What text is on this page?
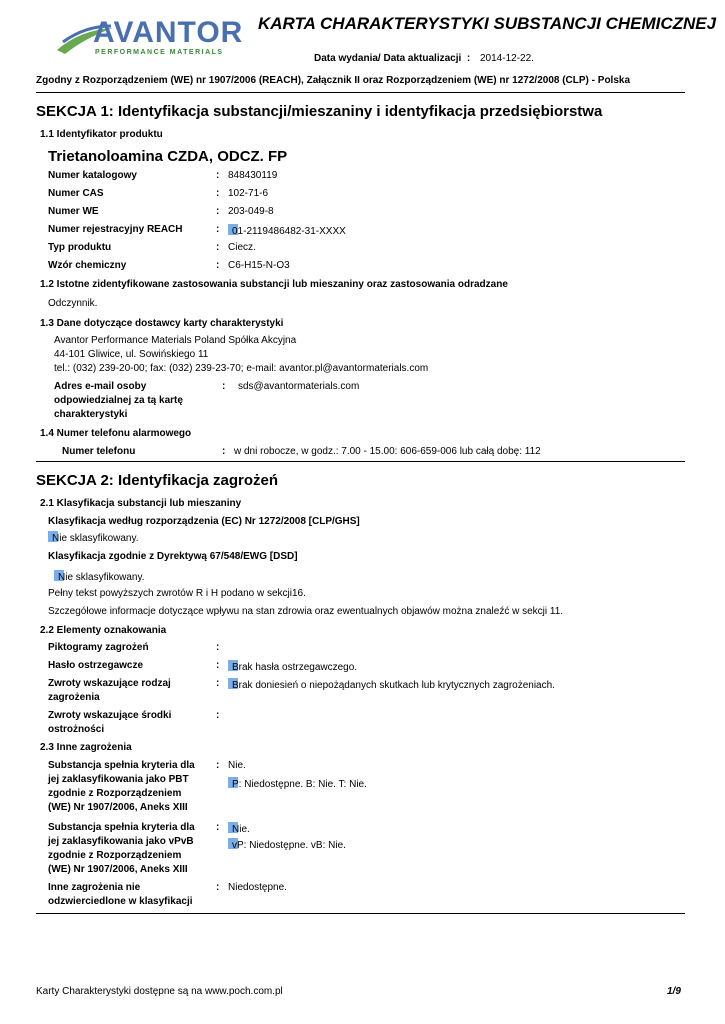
AVANTOR
PERFORMANCE MATERIALS
KARTA CHARAKTERYSTYKI SUBSTANCJI CHEMICZNEJ
Data wydania/ Data aktualizacji : 2014-12-22.
Zgodny z Rozporządzeniem (WE) nr 1907/2006 (REACH), Załącznik II oraz Rozporządzeniem (WE) nr 1272/2008 (CLP) - Polska
SEKCJA 1: Identyfikacja substancji/mieszaniny i identyfikacja przedsiębiorstwa
1.1 Identyfikator produktu
Trietanoloamina CZDA, ODCZ. FP
Numer katalogowy	: 848430119
Numer CAS	: 102-71-6
Numer WE	: 203-049-8
Numer rejestracyjny REACH	:	01-2119486482-31-XXXX
Typ produktu	: Ciecz.
Wzór chemiczny	: C6-H15-N-O3
1.2 Istotne zidentyfikowane zastosowania substancji lub mieszaniny oraz zastosowania odradzane
Odczynnik.
1.3 Dane dotyczące dostawcy karty charakterystyki
Avantor Performance Materials Poland Spółka Akcyjna
44-101 Gliwice, ul. Sowińskiego 11
tel.: (032) 239-20-00; fax: (032) 239-23-70; e-mail: avantor.pl@avantormaterials.com
Adres e-mail osoby
odpowiedzialnej za tą kartę
charakterystyki
: sds@avantormaterials.com
1.4 Numer telefonu alarmowego
Numer telefonu	: w dni robocze, w godz.: 7.00 - 15.00: 606-659-006 lub całą dobę: 112
SEKCJA 2: Identyfikacja zagrożeń
2.1 Klasyfikacja substancji lub mieszaniny
Klasyfikacja według rozporządzenia (EC) Nr 1272/2008 [CLP/GHS]
Nie sklasyfikowany.
Klasyfikacja zgodnie z Dyrektywą 67/548/EWG [DSD]
Nie sklasyfikowany.
Pełny tekst powyższych zwrotów R i H podano w sekcji16.
Szczegółowe informacje dotyczące wpływu na stan zdrowia oraz ewentualnych objawów można znaleźć w sekcji 11.
2.2 Elementy oznakowania
Piktogramy zagrożeń	:
Hasło ostrzegawcze	:	Brak hasła ostrzegawczego.
Zwroty wskazujące rodzaj
zagrożenia
:	Brak doniesień o niepożądanych skutkach lub krytycznych zagrożeniach.
Zwroty wskazujące środki
ostrożności
:
2.3 Inne zagrożenia
Substancja spełnia kryteria dla
jej zaklasyfikowania jako PBT
zgodnie z Rozporządzeniem
(WE) Nr 1907/2006, Aneks XIII
: Nie.
P: Niedostępne. B: Nie. T: Nie.
Substancja spełnia kryteria dla
jej zaklasyfikowania jako vPvB
zgodnie z Rozporządzeniem
(WE) Nr 1907/2006, Aneks XIII
:	Nie.
vP: Niedostępne. vB: Nie.
Inne zagrożenia nie
odzwierciedlone w klasyfikacji
: Niedostępne.
Karty Charakterystyki dostępne są na www.poch.com.pl	1/9
